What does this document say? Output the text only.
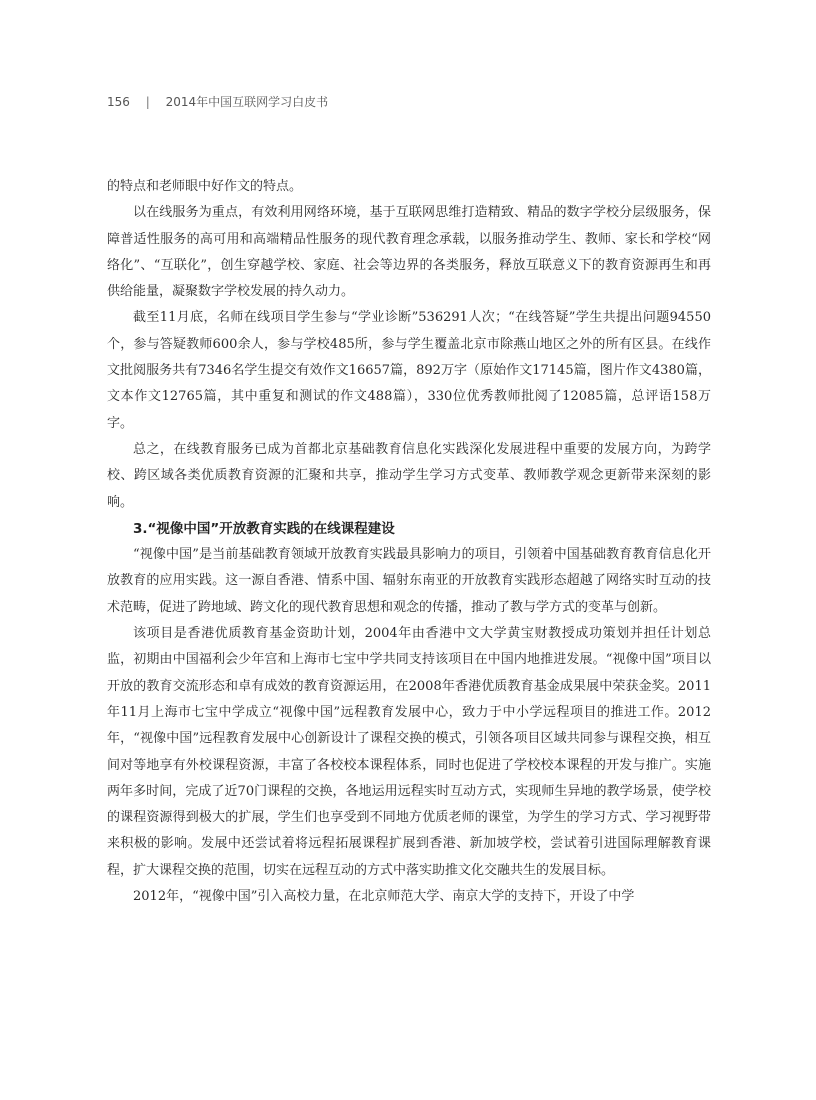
156 | 2014年中国互联网学习白皮书

的特点和老师眼中好作文的特点。

以在线服务为重点，有效利用网络环境，基于互联网思维打造精致、精品的数字学校分层级服务，保障普适性服务的高可用和高端精品性服务的现代教育理念承载，以服务推动学生、教师、家长和学校“网络化”、“互联化”，创生穿越学校、家庭、社会等边界的各类服务，释放互联意义下的教育资源再生和再供给能量，凝聚数字学校发展的持久动力。

截至11月底，名师在线项目学生参与“学业诊断”536291人次；“在线答疑”学生共提出问题94550个，参与答疑教师600余人，参与学校485所，参与学生覆盖北京市除燕山地区之外的所有区县。在线作文批阅服务共有7346名学生提交有效作文16657篇，892万字（原始作文17145篇，图片作文4380篇，文本作文12765篇，其中重复和测试的作文488篇），330位优秀教师批阅了12085篇，总评语158万字。

总之，在线教育服务已成为首都北京基础教育信息化实践深化发展进程中重要的发展方向，为跨学校、跨区域各类优质教育资源的汇聚和共享，推动学生学习方式变革、教师教学观念更新带来深刻的影响。

3.“视像中国”开放教育实践的在线课程建设

“视像中国”是当前基础教育领域开放教育实践最具影响力的项目，引领着中国基础教育教育信息化开放教育的应用实践。这一源自香港、情系中国、辐射东南亚的开放教育实践形态超越了网络实时互动的技术范畴，促进了跨地域、跨文化的现代教育思想和观念的传播，推动了教与学方式的变革与创新。

该项目是香港优质教育基金资助计划，2004年由香港中文大学黄宝财教授成功策划并担任计划总监，初期由中国福利会少年宫和上海市七宝中学共同支持该项目在中国内地推进发展。“视像中国”项目以开放的教育交流形态和卓有成效的教育资源运用，在2008年香港优质教育基金成果展中荣获金奖。2011年11月上海市七宝中学成立“视像中国”远程教育发展中心，致力于中小学远程项目的推进工作。2012年，“视像中国”远程教育发展中心创新设计了课程交换的模式，引领各项目区域共同参与课程交换，相互间对等地享有外校课程资源，丰富了各校校本课程体系，同时也促进了学校校本课程的开发与推广。实施两年多时间，完成了近70门课程的交换，各地运用远程实时互动方式，实现师生异地的教学场景，使学校的课程资源得到极大的扩展，学生们也享受到不同地方优质老师的课堂，为学生的学习方式、学习视野带来积极的影响。发展中还尝试着将远程拓展课程扩展到香港、新加坡学校，尝试着引进国际理解教育课程，扩大课程交换的范围，切实在远程互动的方式中落实助推文化交融共生的发展目标。

2012年，“视像中国”引入高校力量，在北京师范大学、南京大学的支持下，开设了中学
